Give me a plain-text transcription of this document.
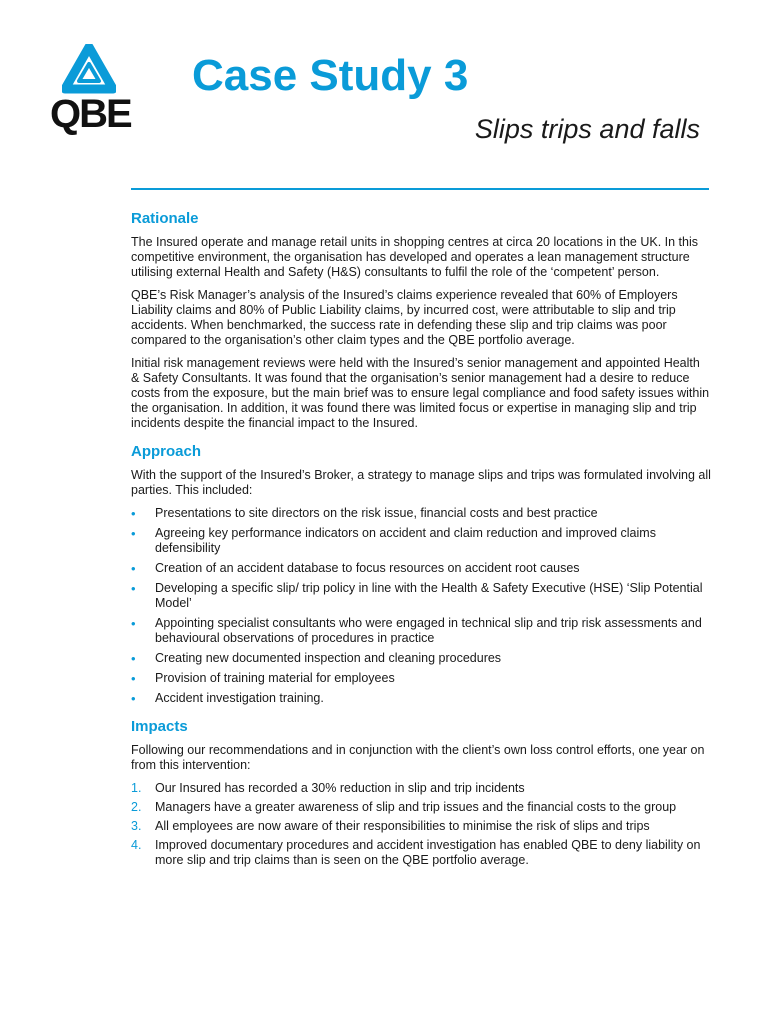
QBE
Case Study 3
Slips trips and falls
Rationale

The Insured operate and manage retail units in shopping centres at circa 20 locations in the UK. In this competitive environment, the organisation has developed and operates a lean management structure utilising external Health and Safety (H&S) consultants to fulfil the role of the ‘competent’ person.

QBE’s Risk Manager’s analysis of the Insured’s claims experience revealed that 60% of Employers Liability claims and 80% of Public Liability claims, by incurred cost, were attributable to slip and trip accidents. When benchmarked, the success rate in defending these slip and trip claims was poor compared to the organisation’s other claim types and the QBE portfolio average.

Initial risk management reviews were held with the Insured’s senior management and appointed Health & Safety Consultants. It was found that the organisation’s senior management had a desire to reduce costs from the exposure, but the main brief was to ensure legal compliance and food safety issues within the organisation. In addition, it was found there was limited focus or expertise in managing slip and trip incidents despite the financial impact to the Insured.

Approach

With the support of the Insured’s Broker, a strategy to manage slips and trips was formulated involving all parties. This included:

• Presentations to site directors on the risk issue, financial costs and best practice
• Agreeing key performance indicators on accident and claim reduction and improved claims defensibility
• Creation of an accident database to focus resources on accident root causes
• Developing a specific slip/ trip policy in line with the Health & Safety Executive (HSE) ‘Slip Potential Model’
• Appointing specialist consultants who were engaged in technical slip and trip risk assessments and behavioural observations of procedures in practice
• Creating new documented inspection and cleaning procedures
• Provision of training material for employees
• Accident investigation training.
Impacts

Following our recommendations and in conjunction with the client’s own loss control efforts, one year on from this intervention:

1. Our Insured has recorded a 30% reduction in slip and trip incidents
2. Managers have a greater awareness of slip and trip issues and the financial costs to the group
3. All employees are now aware of their responsibilities to minimise the risk of slips and trips
4. Improved documentary procedures and accident investigation has enabled QBE to deny liability on more slip and trip claims than is seen on the QBE portfolio average.
